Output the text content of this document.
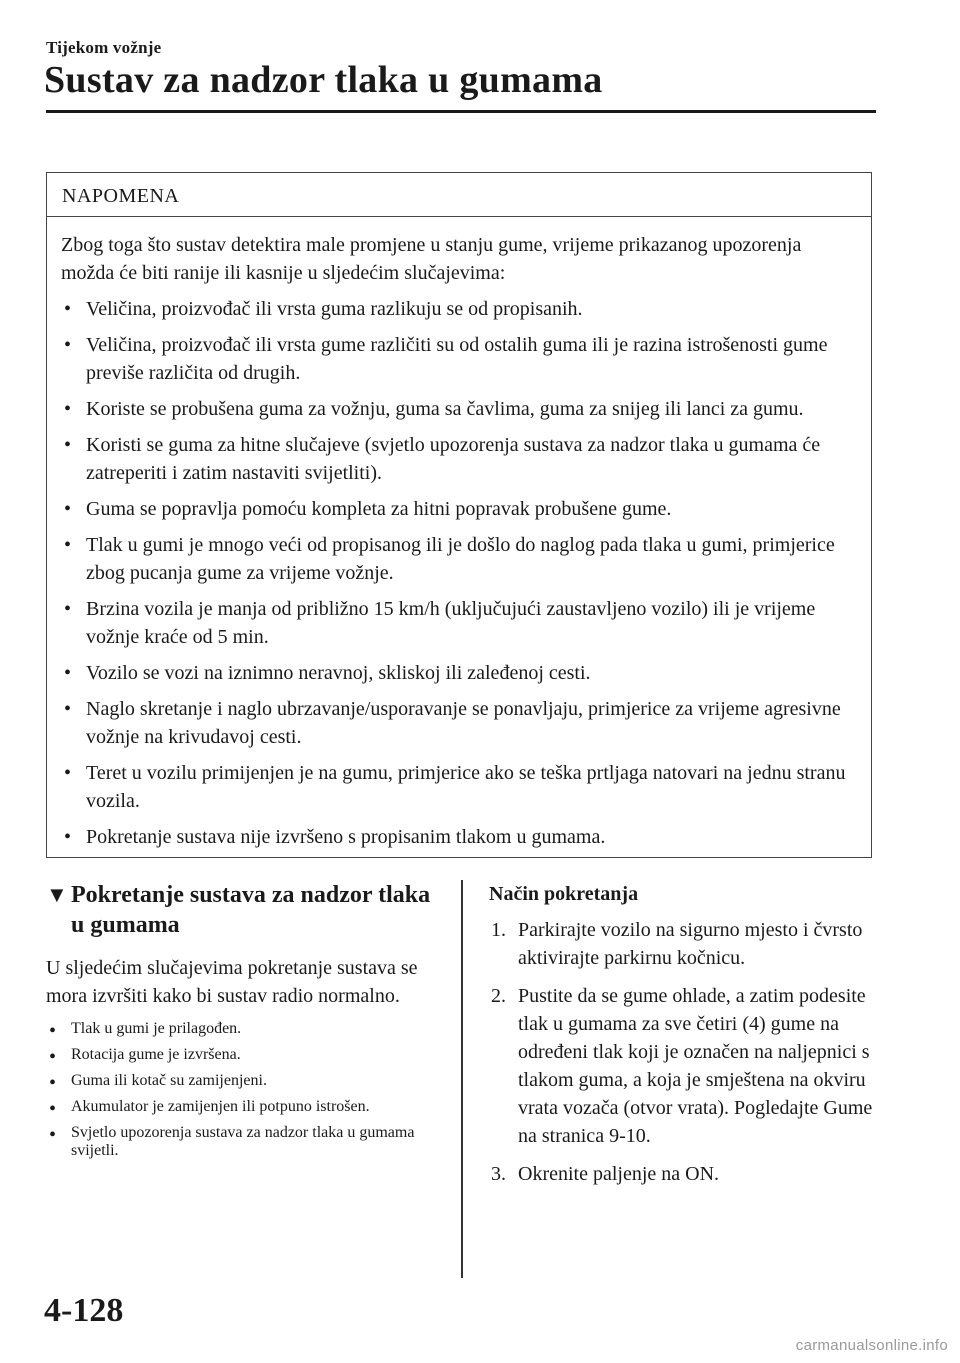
Tijekom vožnje
Sustav za nadzor tlaka u gumama
NAPOMENA

Zbog toga što sustav detektira male promjene u stanju gume, vrijeme prikazanog upozorenja možda će biti ranije ili kasnije u sljedećim slučajevima:

• Veličina, proizvođač ili vrsta guma razlikuju se od propisanih.
• Veličina, proizvođač ili vrsta gume različiti su od ostalih guma ili je razina istrošenosti gume previše različita od drugih.
• Koriste se probušena guma za vožnju, guma sa čavlima, guma za snijeg ili lanci za gumu.
• Koristi se guma za hitne slučajeve (svjetlo upozorenja sustava za nadzor tlaka u gumama će zatreperiti i zatim nastaviti svijetliti).
• Guma se popravlja pomoću kompleta za hitni popravak probušene gume.
• Tlak u gumi je mnogo veći od propisanog ili je došlo do naglog pada tlaka u gumi, primjerice zbog pucanja gume za vrijeme vožnje.
• Brzina vozila je manja od približno 15 km/h (uključujući zaustavljeno vozilo) ili je vrijeme vožnje kraće od 5 min.
• Vozilo se vozi na iznimno neravnoj, skliskoj ili zaleđenoj cesti.
• Naglo skretanje i naglo ubrzavanje/usporavanje se ponavljaju, primjerice za vrijeme agresivne vožnje na krivudavoj cesti.
• Teret u vozilu primijenjen je na gumu, primjerice ako se teška prtljaga natovari na jednu stranu vozila.
• Pokretanje sustava nije izvršeno s propisanim tlakom u gumama.
▼ Pokretanje sustava za nadzor tlaka u gumama

U sljedećim slučajevima pokretanje sustava se mora izvršiti kako bi sustav radio normalno.

• Tlak u gumi je prilagođen.
• Rotacija gume je izvršena.
• Guma ili kotač su zamijenjeni.
• Akumulator je zamijenjen ili potpuno istrošen.
• Svjetlo upozorenja sustava za nadzor tlaka u gumama svijetli.

Način pokretanja

1. Parkirajte vozilo na sigurno mjesto i čvrsto aktivirajte parkirnu kočnicu.
2. Pustite da se gume ohlade, a zatim podesite tlak u gumama za sve četiri (4) gume na određeni tlak koji je označen na naljepnici s tlakom guma, a koja je smještena na okviru vrata vozača (otvor vrata). Pogledajte Gume na stranica 9-10.
3. Okrenite paljenje na ON.
4-128
carmanualsonline.info
